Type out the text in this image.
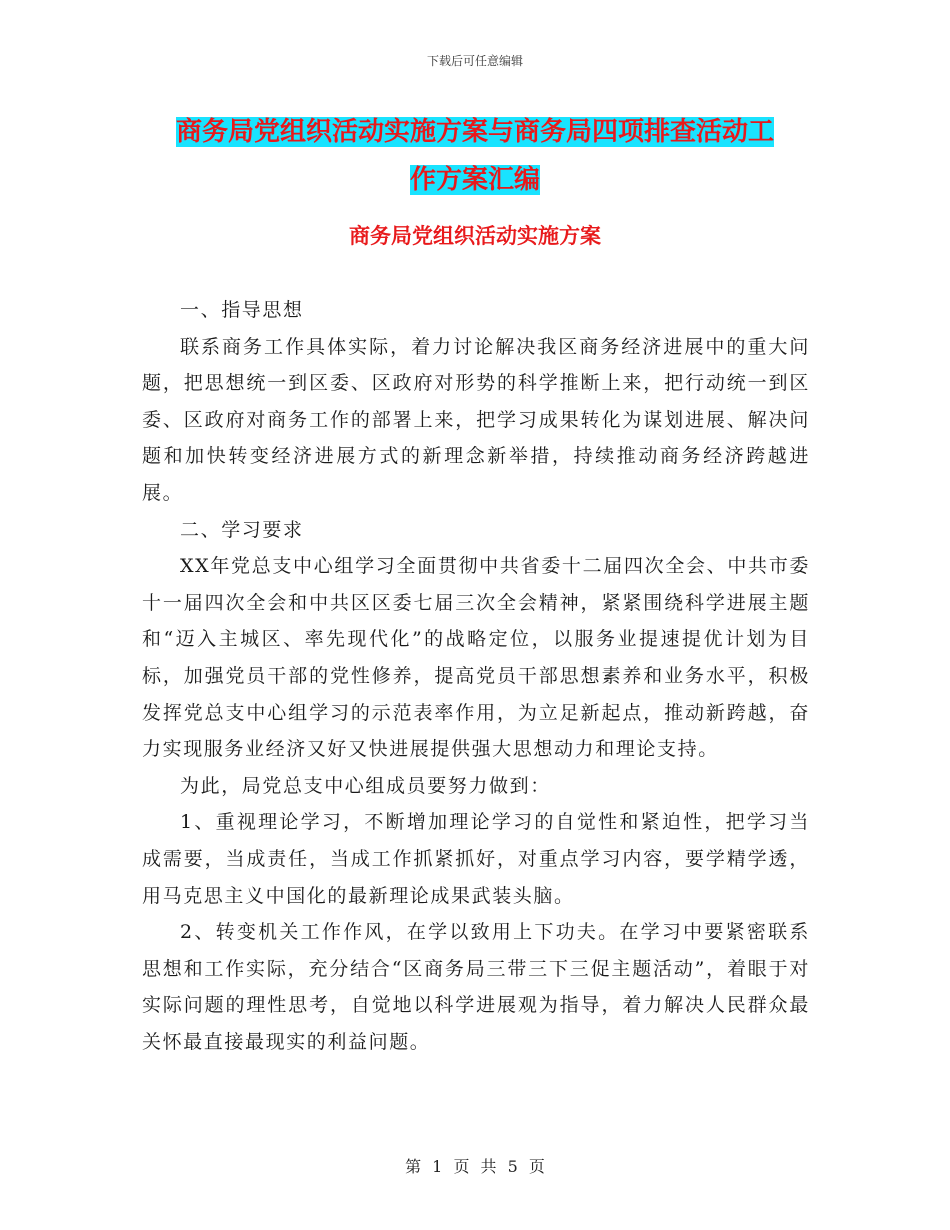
下载后可任意编辑
商务局党组织活动实施方案与商务局四项排查活动工
作方案汇编
商务局党组织活动实施方案

一、指导思想

联系商务工作具体实际，着力讨论解决我区商务经济进展中的重大问题，把思想统一到区委、区政府对形势的科学推断上来，把行动统一到区委、区政府对商务工作的部署上来，把学习成果转化为谋划进展、解决问题和加快转变经济进展方式的新理念新举措，持续推动商务经济跨越进展。

二、学习要求

XX年党总支中心组学习全面贯彻中共省委十二届四次全会、中共市委十一届四次全会和中共区区委七届三次全会精神，紧紧围绕科学进展主题和“迈入主城区、率先现代化”的战略定位，以服务业提速提优计划为目标，加强党员干部的党性修养，提高党员干部思想素养和业务水平，积极发挥党总支中心组学习的示范表率作用，为立足新起点，推动新跨越，奋力实现服务业经济又好又快进展提供强大思想动力和理论支持。

为此，局党总支中心组成员要努力做到：

1、重视理论学习，不断增加理论学习的自觉性和紧迫性，把学习当成需要，当成责任，当成工作抓紧抓好，对重点学习内容，要学精学透，用马克思主义中国化的最新理论成果武装头脑。

2、转变机关工作作风，在学以致用上下功夫。在学习中要紧密联系思想和工作实际，充分结合“区商务局三带三下三促主题活动”，着眼于对实际问题的理性思考，自觉地以科学进展观为指导，着力解决人民群众最关怀最直接最现实的利益问题。

第 1 页 共 5 页
